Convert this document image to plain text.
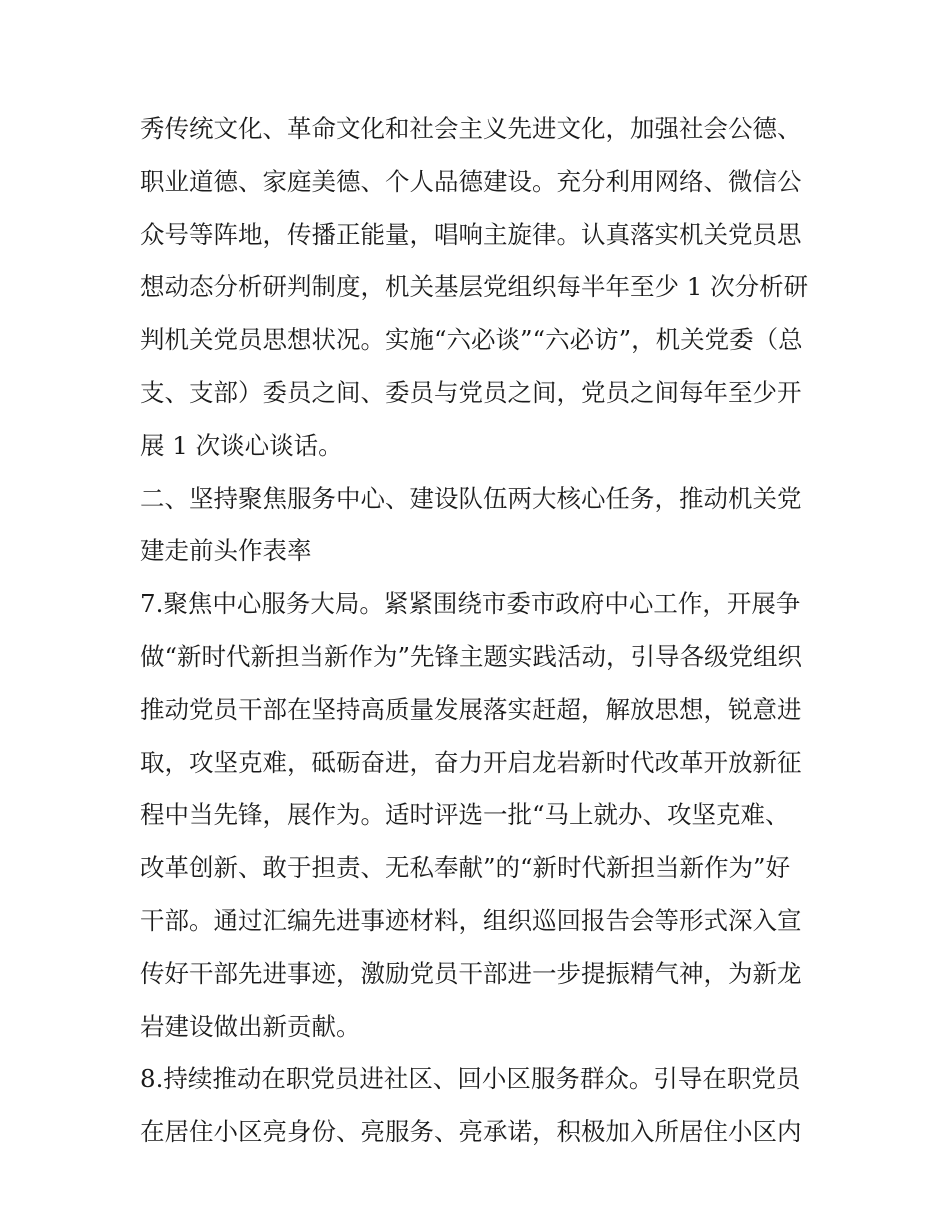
秀传统文化、革命文化和社会主义先进文化，加强社会公德、
职业道德、家庭美德、个人品德建设。充分利用网络、微信公
众号等阵地，传播正能量，唱响主旋律。认真落实机关党员思
想动态分析研判制度，机关基层党组织每半年至少 1 次分析研
判机关党员思想状况。实施“六必谈”“六必访”，机关党委（总
支、支部）委员之间、委员与党员之间，党员之间每年至少开
展 1 次谈心谈话。
二、坚持聚焦服务中心、建设队伍两大核心任务，推动机关党
建走前头作表率
7.聚焦中心服务大局。紧紧围绕市委市政府中心工作，开展争
做“新时代新担当新作为”先锋主题实践活动，引导各级党组织
推动党员干部在坚持高质量发展落实赶超，解放思想，锐意进
取，攻坚克难，砥砺奋进，奋力开启龙岩新时代改革开放新征
程中当先锋，展作为。适时评选一批“马上就办、攻坚克难、
改革创新、敢于担责、无私奉献”的“新时代新担当新作为”好
干部。通过汇编先进事迹材料，组织巡回报告会等形式深入宣
传好干部先进事迹，激励党员干部进一步提振精气神，为新龙
岩建设做出新贡献。
8.持续推动在职党员进社区、回小区服务群众。引导在职党员
在居住小区亮身份、亮服务、亮承诺，积极加入所居住小区内
